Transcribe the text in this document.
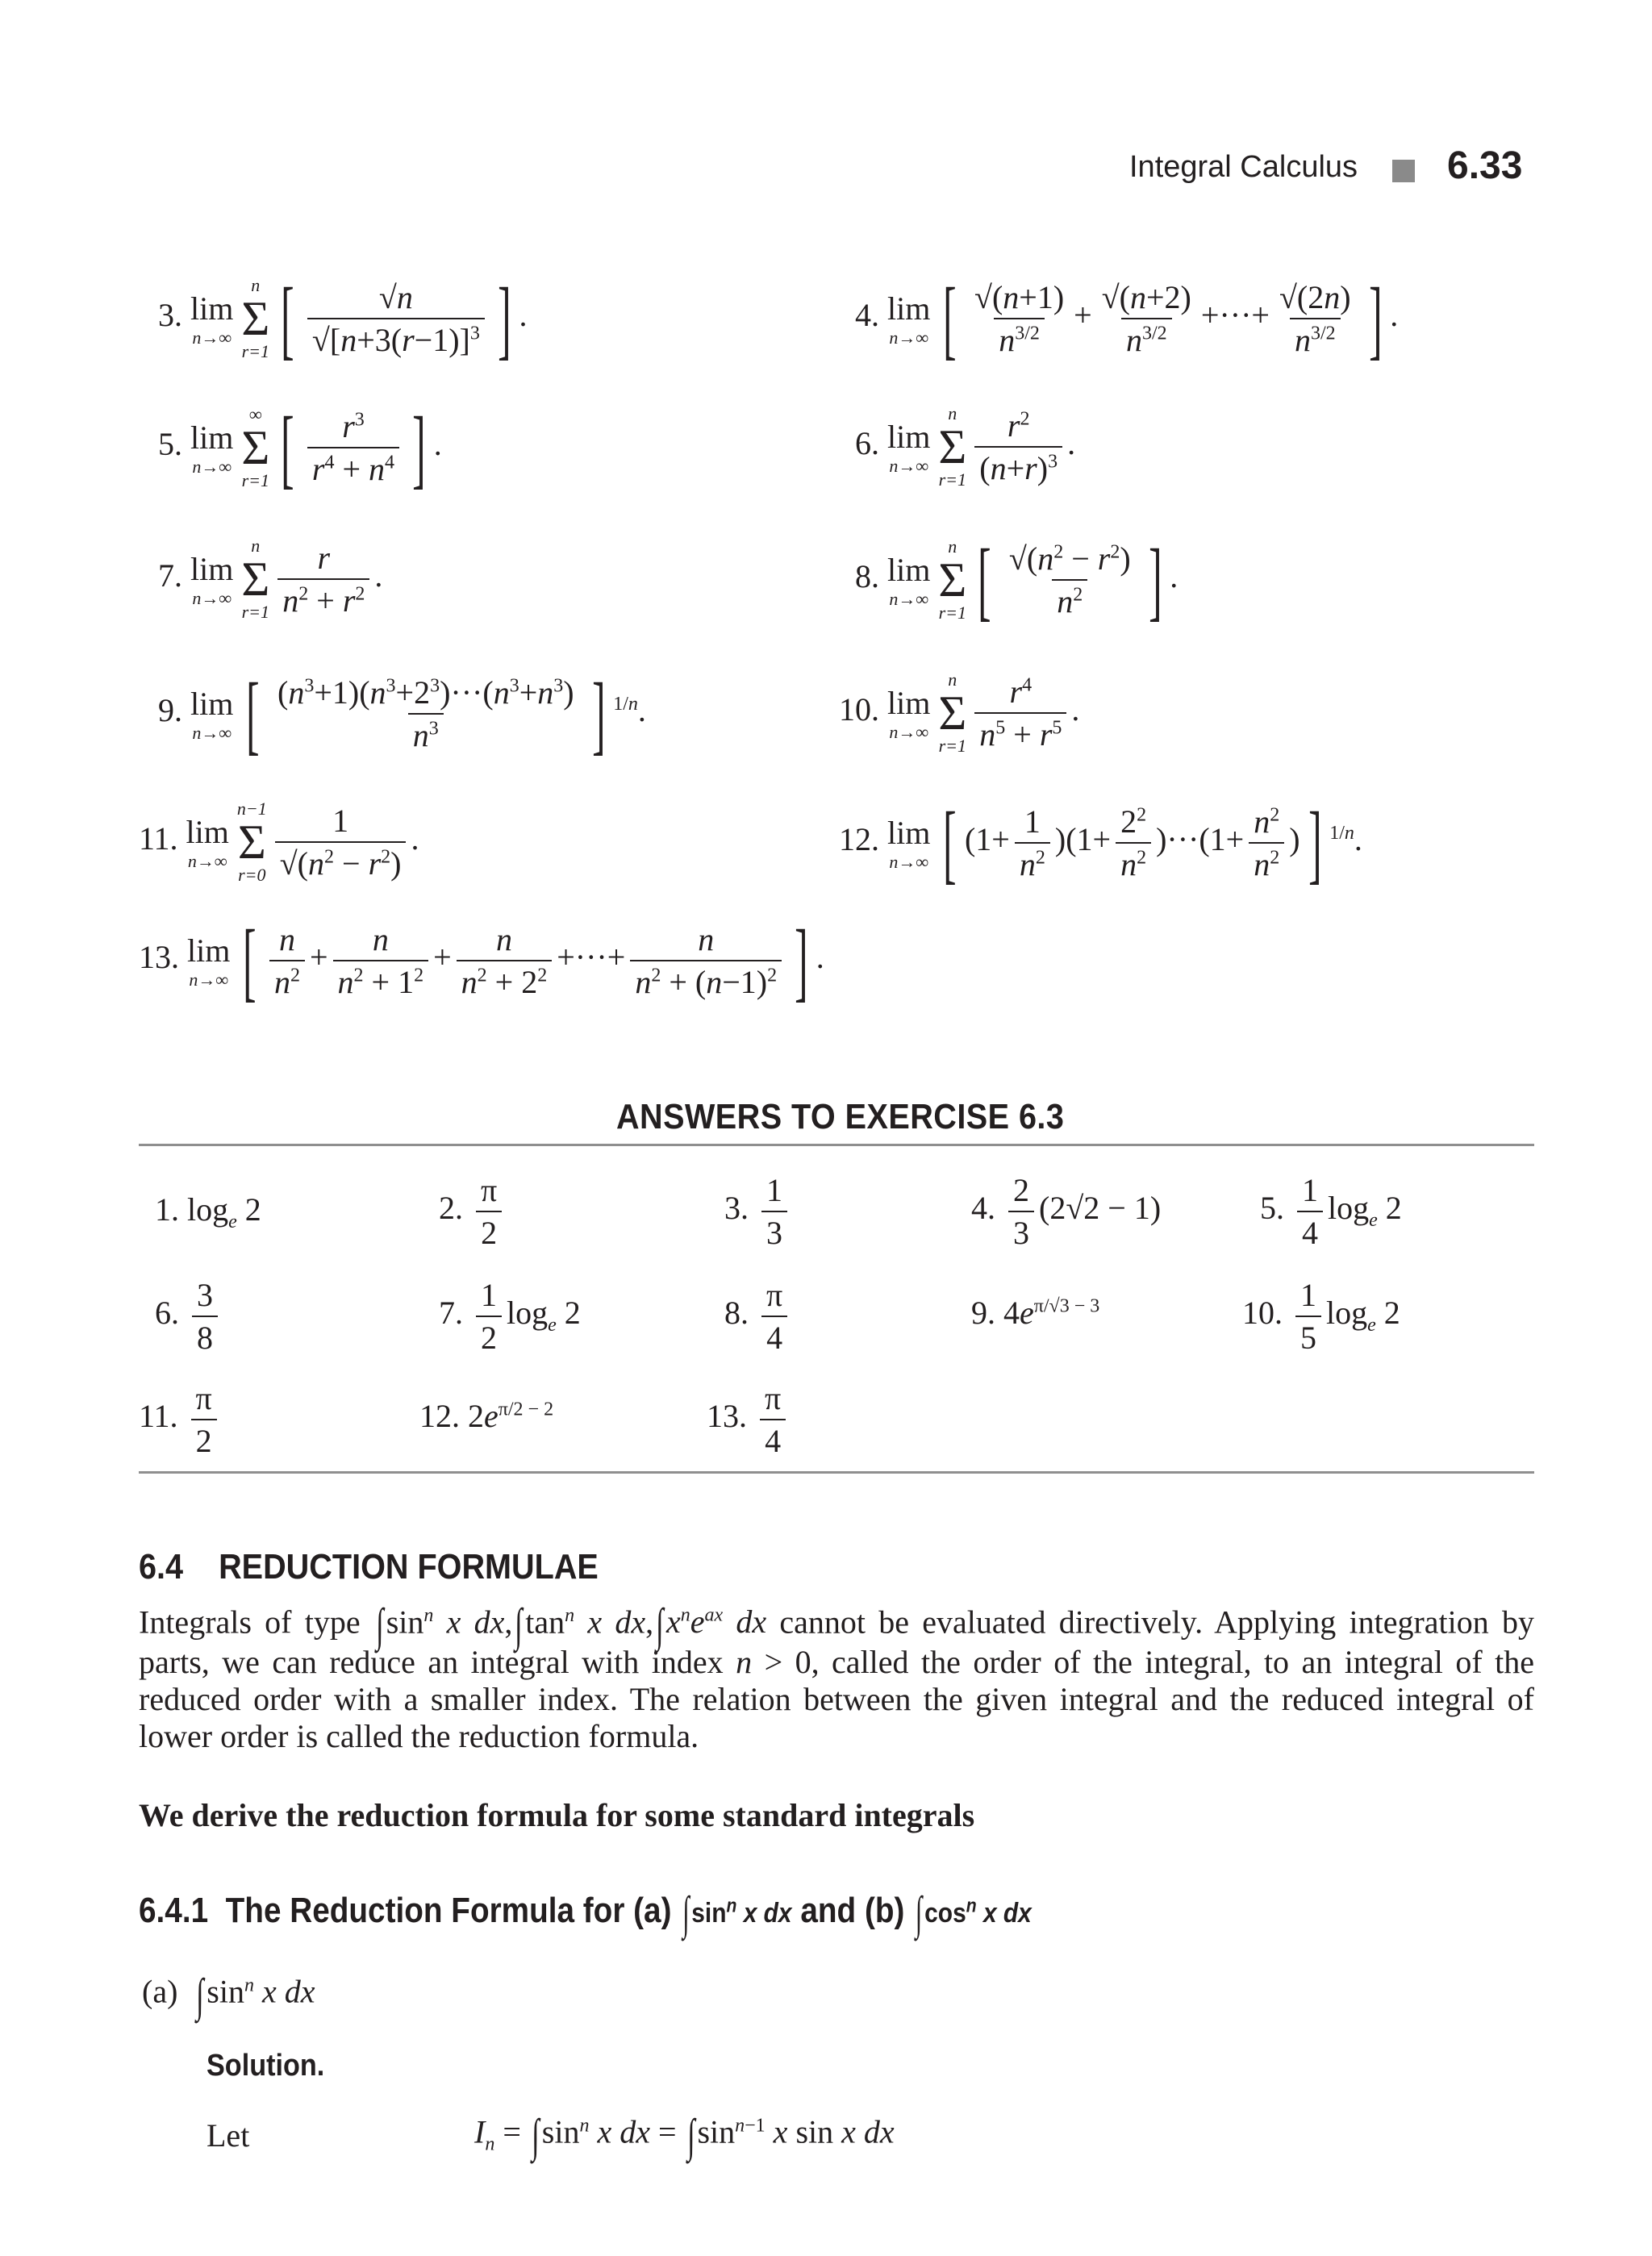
Integral Calculus 6.33
3. lim
n→∞
n
Σ
r=1 [ $\frac{√n}{√[n+3(r-1)]^3}$ ] .
5. lim
n→∞
∞
Σ
r=1 [ $\frac{r^3}{r^4 + n^4}$ ] .
7. lim
n→∞
n
Σ
$r=1 \frac{r}{n^2 + r^2}$ .
9. lim
n→∞ [ $\frac{(n^3+1)(n^3+2^3)\cdot\cdot\cdot(n^3+n^3)}{n^3}$ ] $^{1/n}$.
11. lim
n→∞
n−1
Σ
$r=0 \frac{1}{√(n^2 - r^2)}$ .
13. lim
n→∞ [ $\frac{n}{n^2} + \frac{n}{n^2 + 1^2} + \frac{n}{n^2 + 2^2}$ +···+ $\frac{n}{n^2 + (n-1)^2}$ ] .
4. lim
n→∞ [ $\frac{√(n+1)}{n^{3/2}} + \frac{√(n+2)}{n^{3/2}}$ +···+ $\frac{√(2n)}{n^{3/2}}$ ] .
6. lim
n→∞
n
Σ
$r=1 \frac{r^2}{(n+r)^3}$ .
8. lim
n→∞
n
Σ
r=1 [ $\frac{√(n^2 - r^2)}{n^2}$ ] .
10. lim
n→∞
n
Σ
$r=1 \frac{r^4}{n^5 + r^5}$ .
12. lim
n→∞ [ $(1+ \frac{1}{n^2} )(1+ \frac{2^2}{n^2} )\cdot\cdot\cdot(1+ \frac{n^2}{n^2}$ )] $^{1/n}$.
ANSWERS TO EXERCISE 6.3
1. $\log_e 2$	2. $\frac{\pi}{2}$	3. $\frac{1}{3}$	4. $\frac{2}{3} (2√2 - 1)$	5. $\frac{1}{4} \log_e 2$
6. $\frac{3}{8}$	7. $\frac{1}{2} \log_e 2$	8. $\frac{\pi}{4}$	9. $4e^{\pi/√3 - 3}$	10. $\frac{1}{5} \log_e 2$
11. $\frac{\pi}{2}$	12. $2e^{\pi/2 - 2}$	13. $\frac{\pi}{4}$
6.4 REDUCTION FORMULAE
Integrals of type $\int\sin^n$ x $dx,\int\tan^n$ x $dx,\int x^ne^{ax}$ dx cannot be evaluated directively. Applying integration by parts, we can reduce an integral with index n > 0, called the order of the integral, to an integral of the reduced order with a smaller index. The relation between the given integral and the reduced integral of lower order is called the reduction formula.
We derive the reduction formula for some standard integrals
6.4.1 The Reduction Formula for (a) $\int\sin^n$ x dx and (b) $\int\cos^n$ x dx
(a) $\int\sin^n$ x dx
Solution.
Let	$I_n = \int\sin^n$ x dx = $\int\sin^{n-1}$ x sin x dx
